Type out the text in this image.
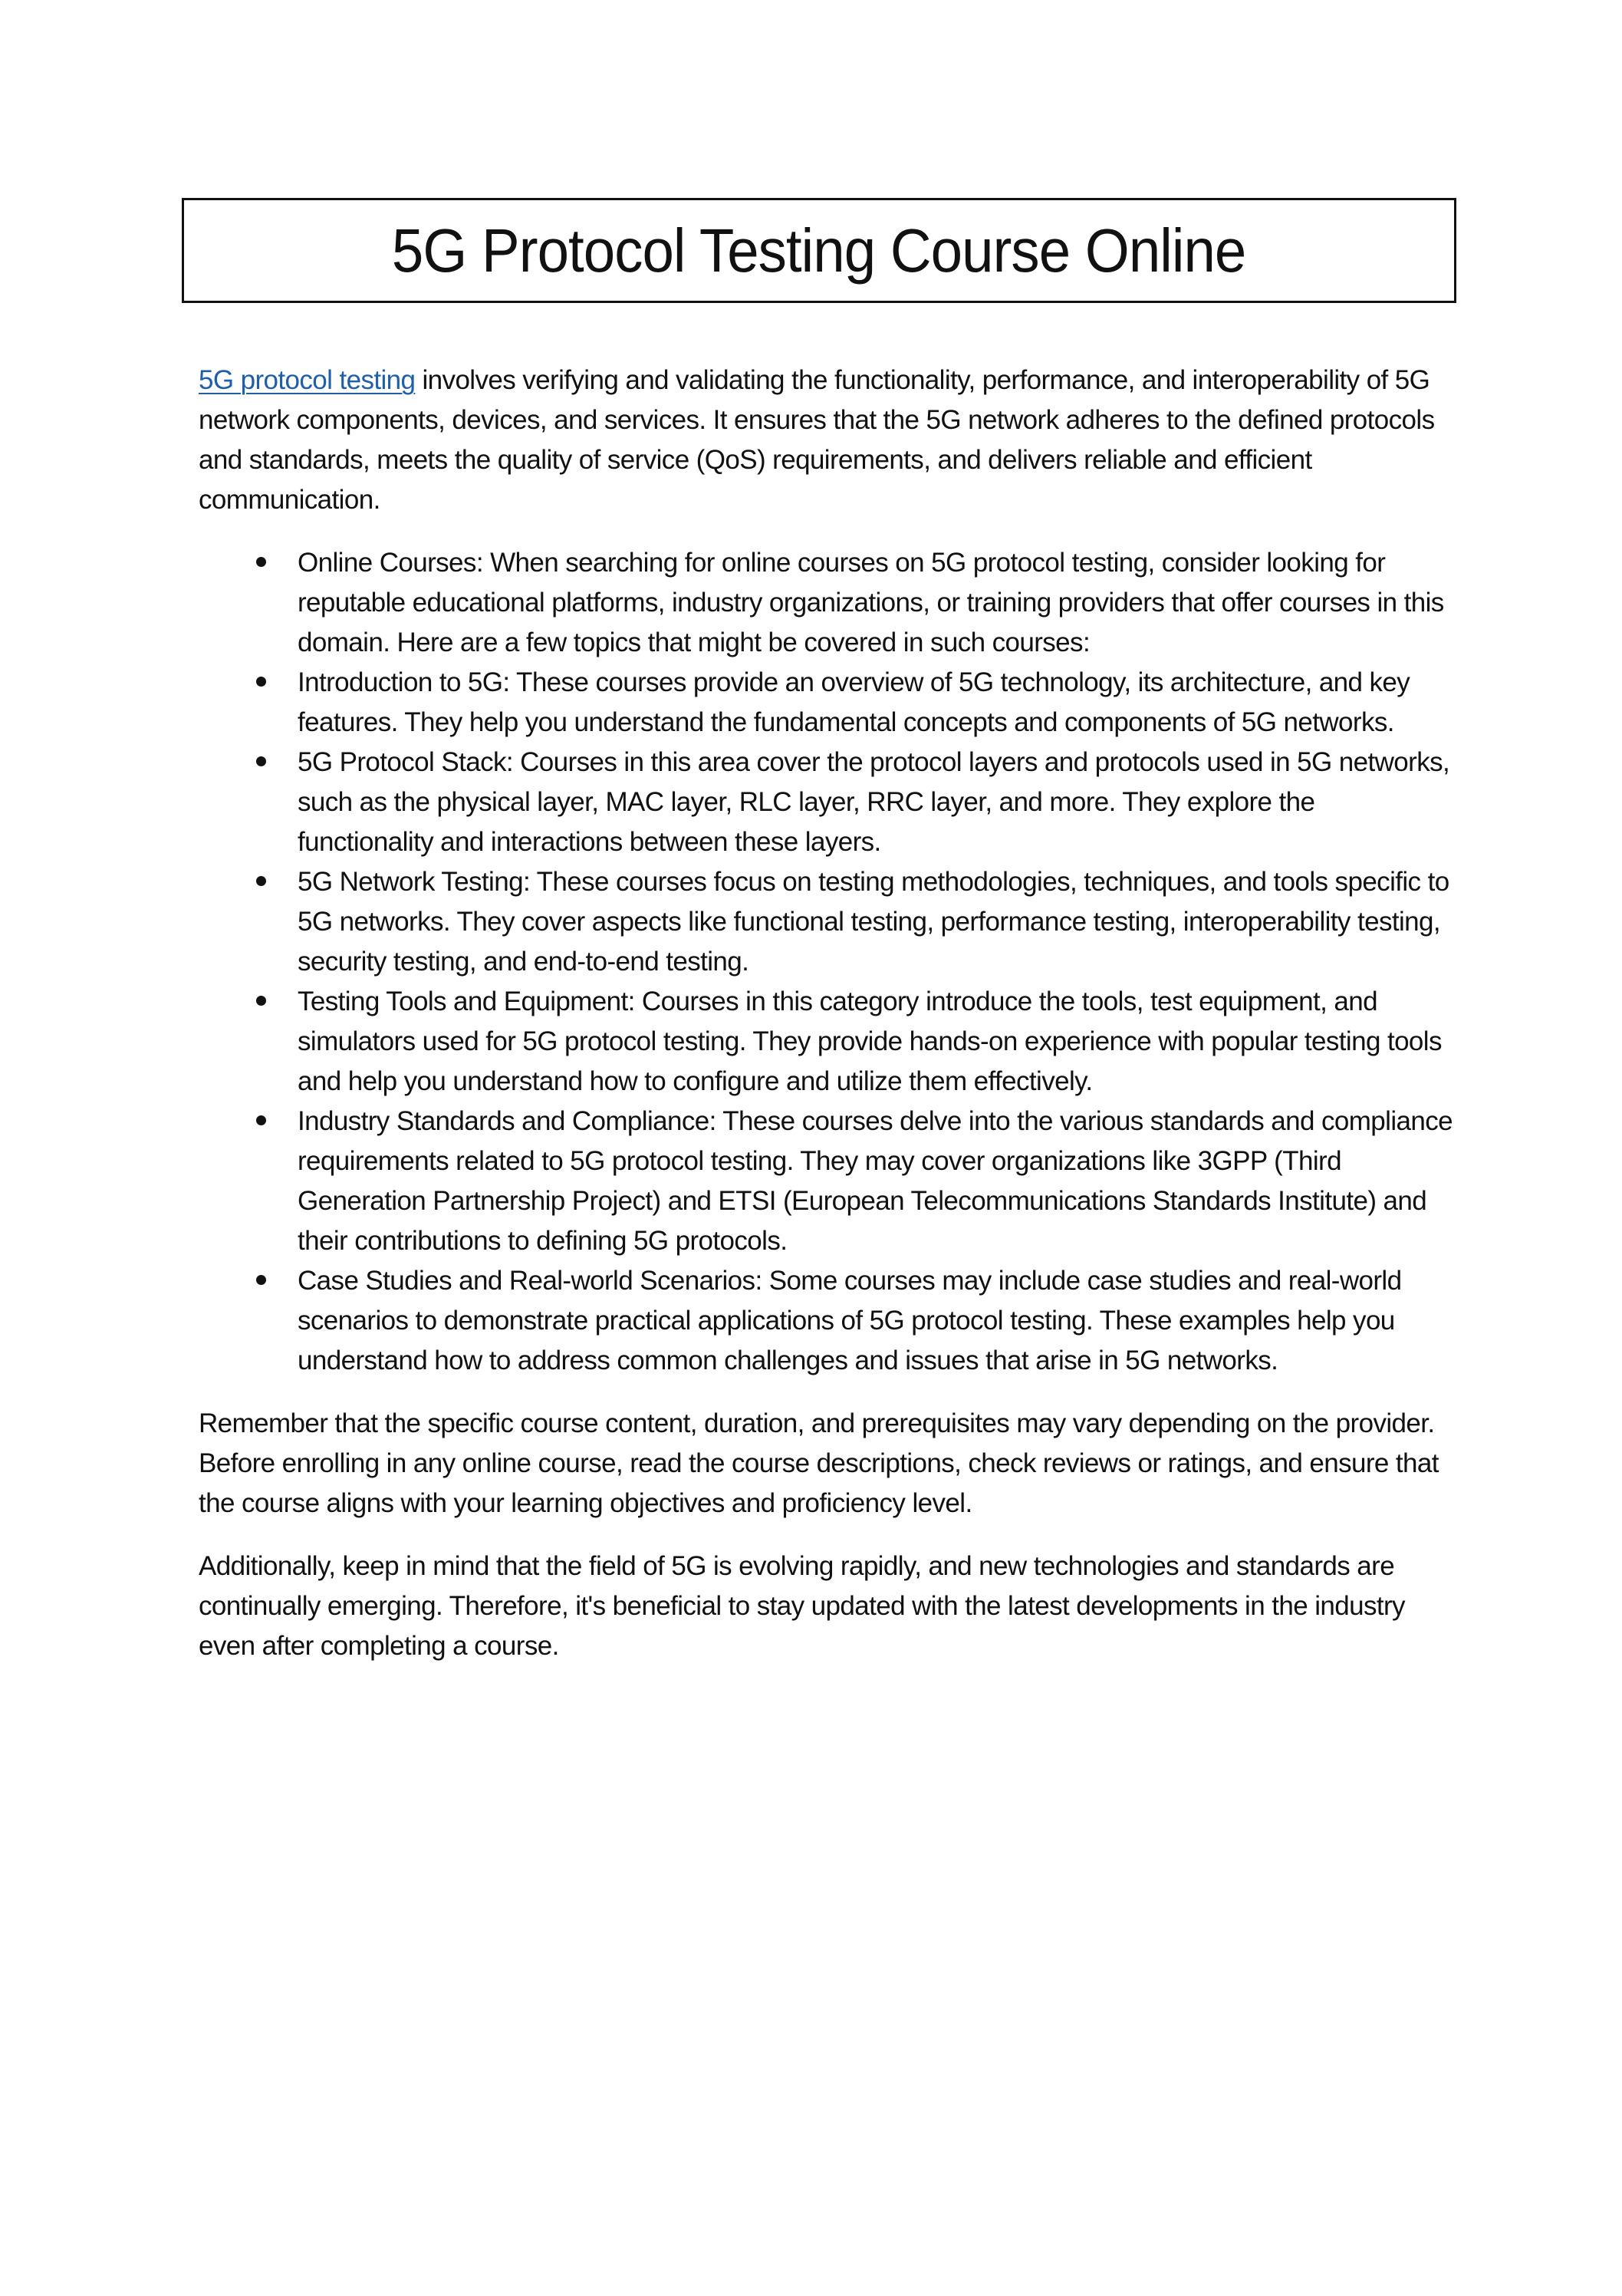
5G Protocol Testing Course Online

5G protocol testing involves verifying and validating the functionality, performance, and interoperability of 5G network components, devices, and services. It ensures that the 5G network adheres to the defined protocols and standards, meets the quality of service (QoS) requirements, and delivers reliable and efficient communication.

Online Courses: When searching for online courses on 5G protocol testing, consider looking for reputable educational platforms, industry organizations, or training providers that offer courses in this domain. Here are a few topics that might be covered in such courses:
Introduction to 5G: These courses provide an overview of 5G technology, its architecture, and key features. They help you understand the fundamental concepts and components of 5G networks.
5G Protocol Stack: Courses in this area cover the protocol layers and protocols used in 5G networks, such as the physical layer, MAC layer, RLC layer, RRC layer, and more. They explore the functionality and interactions between these layers.
5G Network Testing: These courses focus on testing methodologies, techniques, and tools specific to 5G networks. They cover aspects like functional testing, performance testing, interoperability testing, security testing, and end-to-end testing.
Testing Tools and Equipment: Courses in this category introduce the tools, test equipment, and simulators used for 5G protocol testing. They provide hands-on experience with popular testing tools and help you understand how to configure and utilize them effectively.
Industry Standards and Compliance: These courses delve into the various standards and compliance requirements related to 5G protocol testing. They may cover organizations like 3GPP (Third Generation Partnership Project) and ETSI (European Telecommunications Standards Institute) and their contributions to defining 5G protocols.
Case Studies and Real-world Scenarios: Some courses may include case studies and real-world scenarios to demonstrate practical applications of 5G protocol testing. These examples help you understand how to address common challenges and issues that arise in 5G networks.

Remember that the specific course content, duration, and prerequisites may vary depending on the provider. Before enrolling in any online course, read the course descriptions, check reviews or ratings, and ensure that the course aligns with your learning objectives and proficiency level.

Additionally, keep in mind that the field of 5G is evolving rapidly, and new technologies and standards are continually emerging. Therefore, it's beneficial to stay updated with the latest developments in the industry even after completing a course.
